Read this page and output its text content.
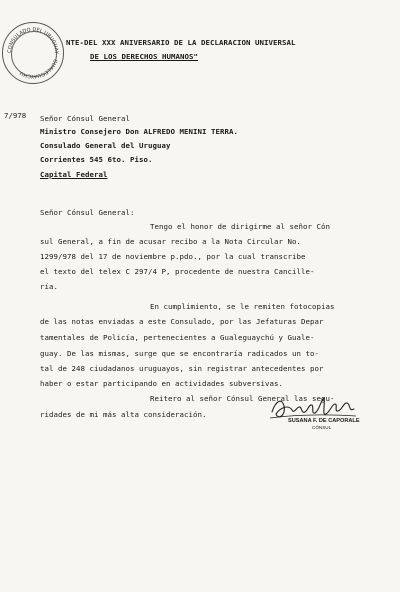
CONSULADO DEL URUGUAY · GUALEGUAYCHU
NTE-DEL XXX ANIVERSARIO DE LA DECLARACION UNIVERSAL
DE LOS DERECHOS HUMANOS"
7/978 Señor Cónsul General
Ministro Consejero Don ALFREDO MENINI TERRA.
Consulado General del Uruguay
Corrientes 545 6to. Piso.
Capital Federal
Señor Cónsul General:
Tengo el honor de dirigirme al señor Cón
sul General, a fin de acusar recibo a la Nota Circular No.
1299/978 del 17 de noviembre p.pdo., por la cual transcribe
el texto del telex C 297/4 P, procedente de nuestra Cancille-
ría.
En cumplimiento, se le remiten fotocopias
de las notas enviadas a este Consulado, por las Jefaturas Depar
tamentales de Policía, pertenecientes a Gualeguaychú y Guale-
guay. De las mismas, surge que se encontraría radicados un to-
tal de 248 ciudadanos uruguayos, sin registrar antecedentes por
haber o estar participando en actividades subversivas.
Reitero al señor Cónsul General las segu-
ridades de mi más alta consideración.
SUSANA F. DE CAPORALE
CÓNSUL
